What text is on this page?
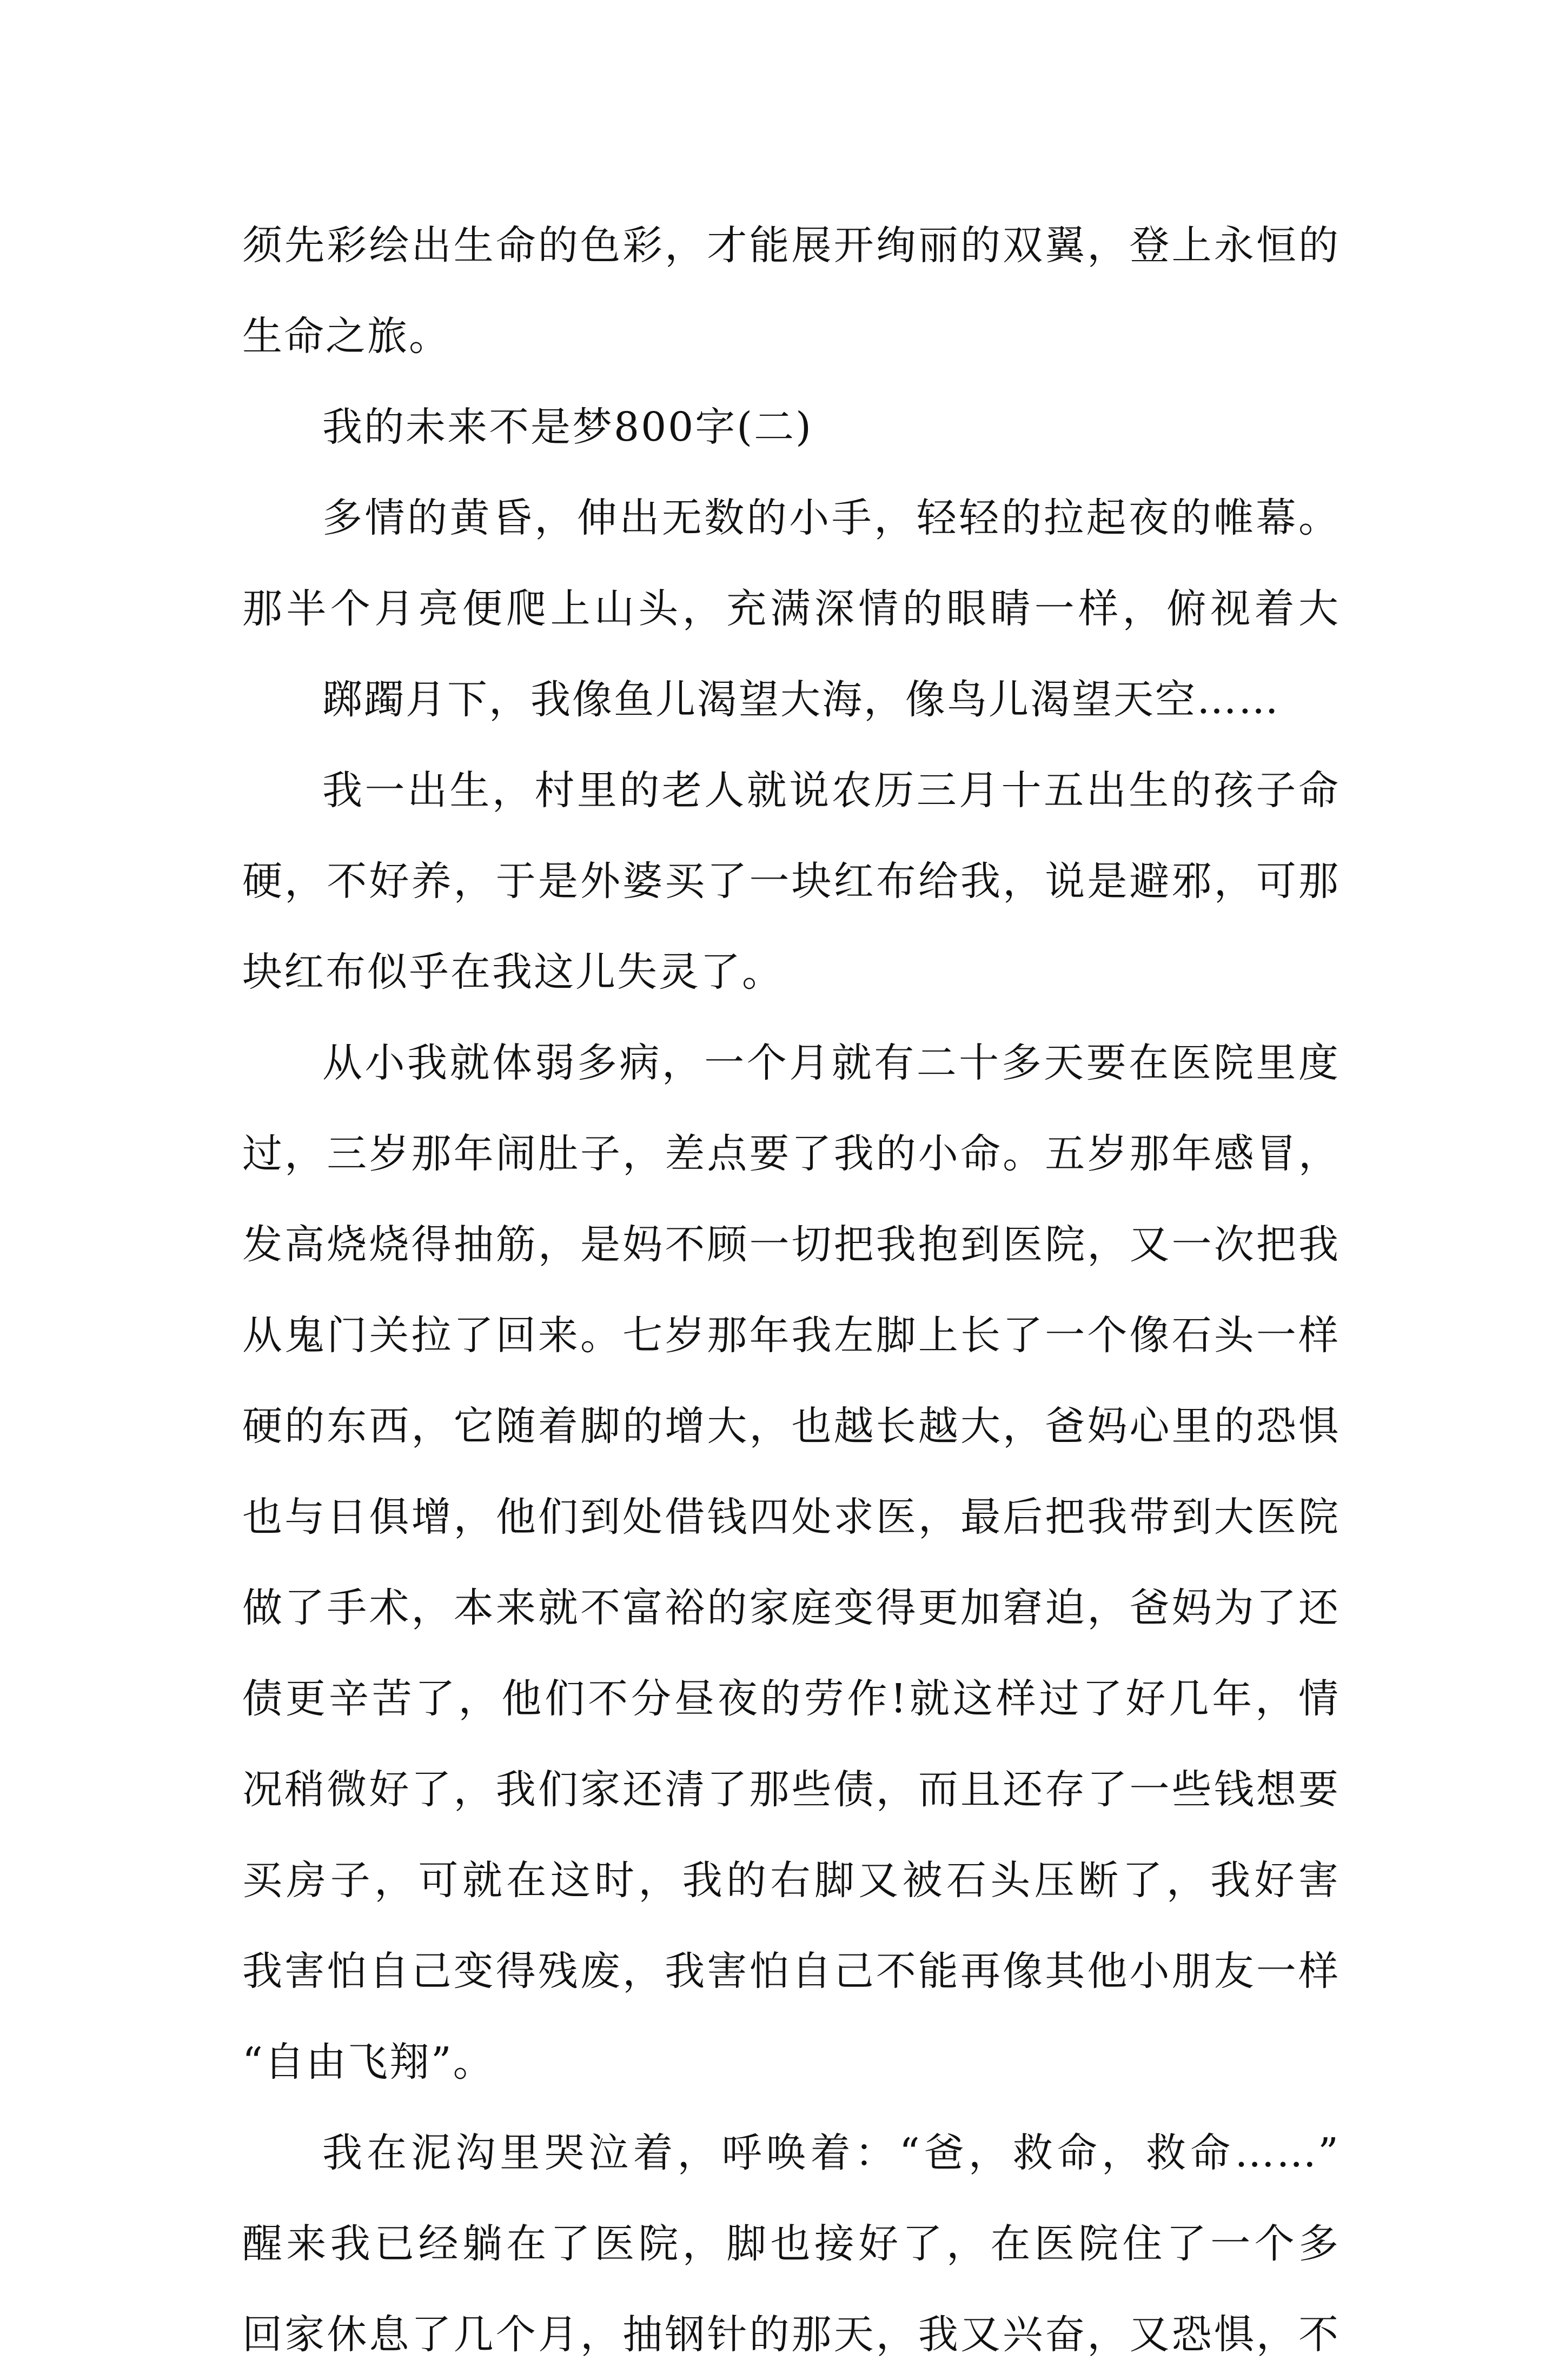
须先彩绘出生命的色彩，才能展开绚丽的双翼，登上永恒的
生命之旅。
我的未来不是梦800字(二)
多情的黄昏，伸出无数的小手，轻轻的拉起夜的帷幕。
那半个月亮便爬上山头，充满深情的眼睛一样，俯视着大
踯躅月下，我像鱼儿渴望大海，像鸟儿渴望天空……
我一出生，村里的老人就说农历三月十五出生的孩子命
硬，不好养，于是外婆买了一块红布给我，说是避邪，可那
块红布似乎在我这儿失灵了。
从小我就体弱多病，一个月就有二十多天要在医院里度
过，三岁那年闹肚子，差点要了我的小命。五岁那年感冒，
发高烧烧得抽筋，是妈不顾一切把我抱到医院，又一次把我
从鬼门关拉了回来。七岁那年我左脚上长了一个像石头一样
硬的东西，它随着脚的增大，也越长越大，爸妈心里的恐惧
也与日俱增，他们到处借钱四处求医，最后把我带到大医院
做了手术，本来就不富裕的家庭变得更加窘迫，爸妈为了还
债更辛苦了，他们不分昼夜的劳作!就这样过了好几年，情
况稍微好了，我们家还清了那些债，而且还存了一些钱想要
买房子，可就在这时，我的右脚又被石头压断了，我好害
我害怕自己变得残废，我害怕自己不能再像其他小朋友一样
“自由飞翔”。
我在泥沟里哭泣着，呼唤着：“爸，救命，救命……”
醒来我已经躺在了医院，脚也接好了，在医院住了一个多
回家休息了几个月，抽钢针的那天，我又兴奋，又恐惧，不
